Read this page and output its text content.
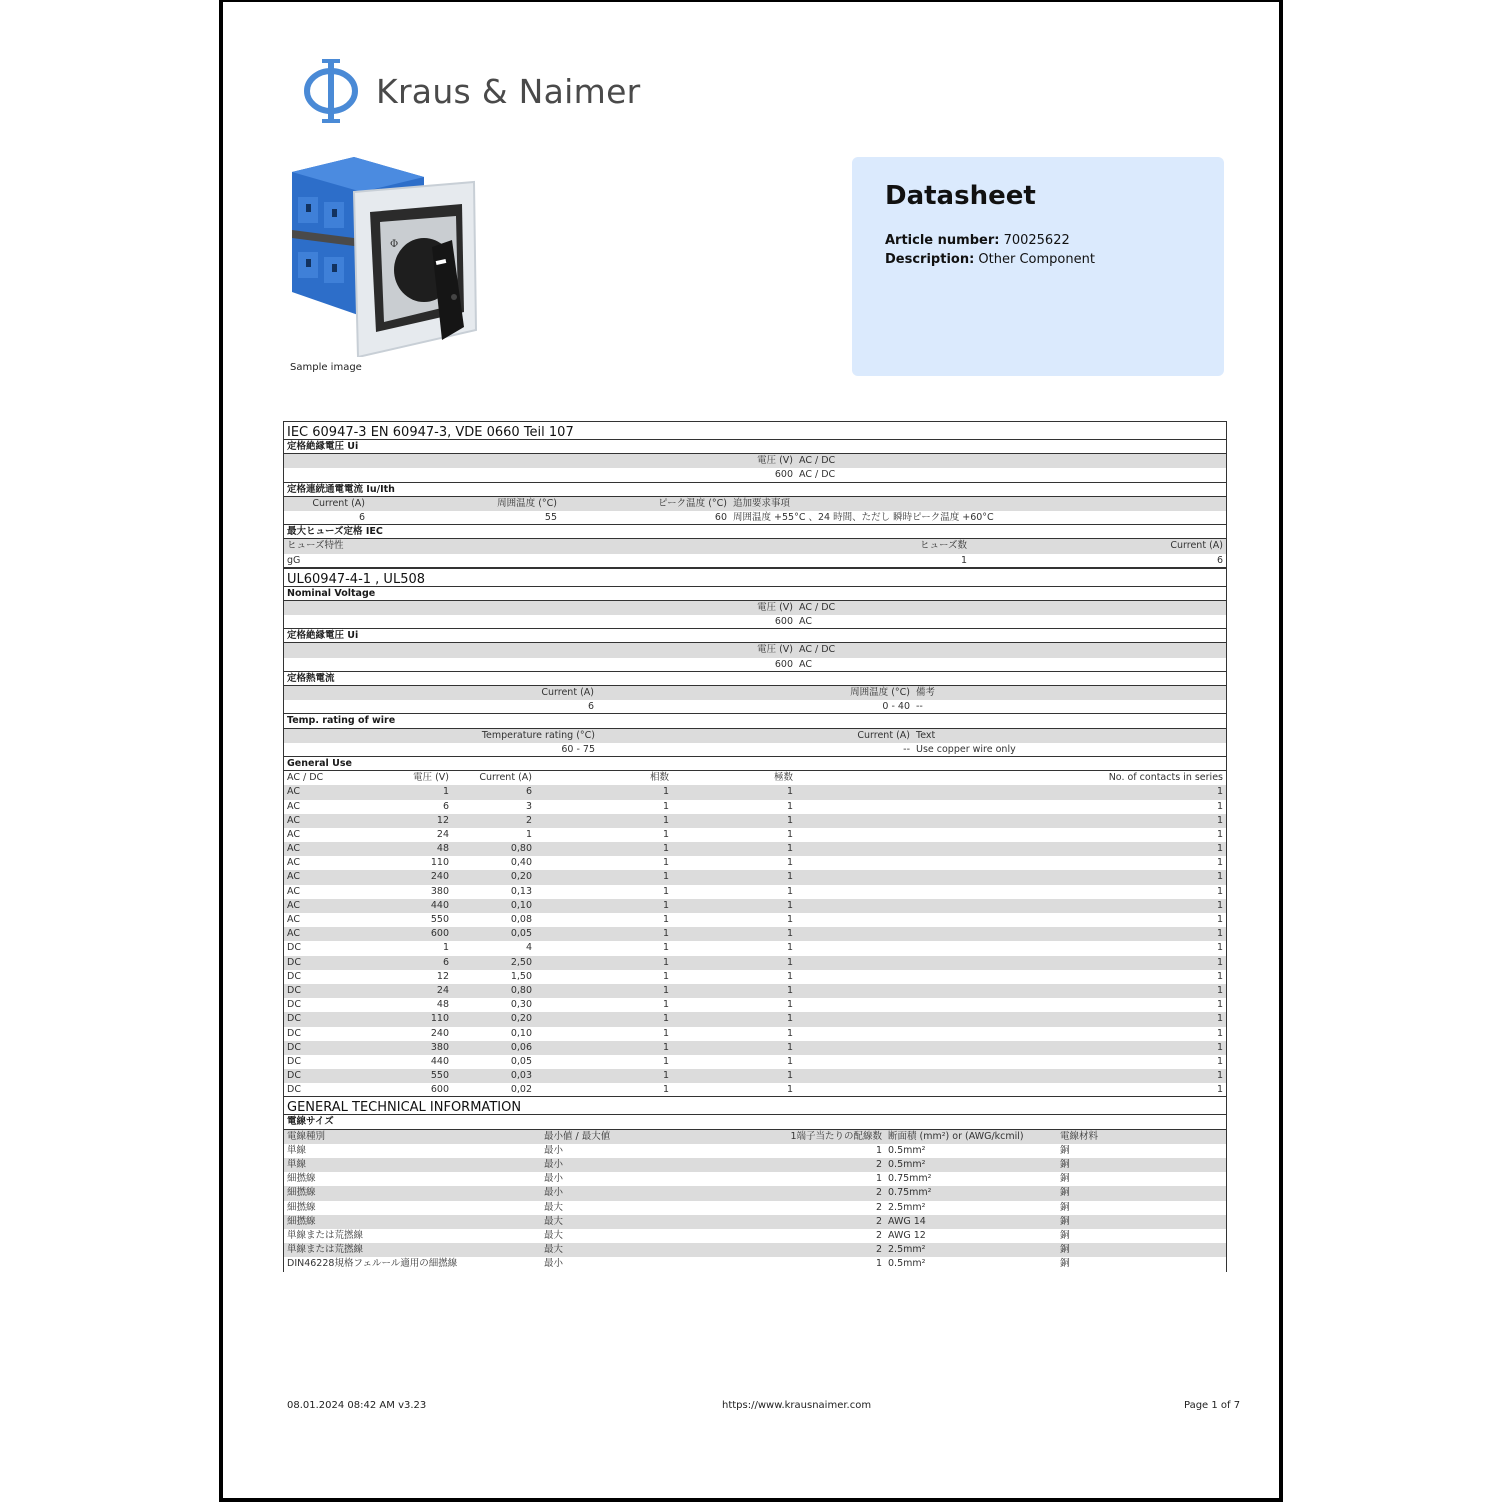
Kraus & Naimer
Φ
Sample image
Datasheet
Article number: 70025622
Description: Other Component
IEC 60947-3 EN 60947-3, VDE 0660 Teil 107
定格絶縁電圧 Ui
電圧 (V) AC / DC
600 AC / DC
定格連続通電電流 Iu/Ith
Current (A)	周囲温度 (°C)	ピーク温度 (°C) 追加要求事項
6	55	60 周囲温度 +55°C 、24 時間、ただし 瞬時ピーク温度 +60°C
最大ヒューズ定格 IEC
ヒューズ特性	ヒューズ数	Current (A)
gG	1	6
UL60947-4-1 , UL508
Nominal Voltage
電圧 (V) AC / DC
600 AC
定格絶縁電圧 Ui
電圧 (V) AC / DC
600 AC
定格熱電流
Current (A)	周囲温度 (°C) 備考
6	0 - 40 --
Temp. rating of wire
Temperature rating (°C)	Current (A) Text
60 - 75	-- Use copper wire only
General Use
AC / DC	電圧 (V)	Current (A)	相数	極数	No. of contacts in series
AC	1	6	1	1	1
AC	6	3	1	1	1
AC	12	2	1	1	1
AC	24	1	1	1	1
AC	48	0,80	1	1	1
AC	110	0,40	1	1	1
AC	240	0,20	1	1	1
AC	380	0,13	1	1	1
AC	440	0,10	1	1	1
AC	550	0,08	1	1	1
AC	600	0,05	1	1	1
DC	1	4	1	1	1
DC	6	2,50	1	1	1
DC	12	1,50	1	1	1
DC	24	0,80	1	1	1
DC	48	0,30	1	1	1
DC	110	0,20	1	1	1
DC	240	0,10	1	1	1
DC	380	0,06	1	1	1
DC	440	0,05	1	1	1
DC	550	0,03	1	1	1
DC	600	0,02	1	1	1
GENERAL TECHNICAL INFORMATION
電線サイズ
電線種別	最小値 / 最大値	1端子当たりの配線数 断面積 (mm²) or (AWG/kcmil)	電線材料
単線	最小	1 0.5mm²	銅
単線	最小	2 0.5mm²	銅
細撚線	最小	1 0.75mm²	銅
細撚線	最小	2 0.75mm²	銅
細撚線	最大	2 2.5mm²	銅
細撚線	最大	2 AWG 14	銅
単線または荒撚線	最大	2 AWG 12	銅
単線または荒撚線	最大	2 2.5mm²	銅
DIN46228規格フェルール適用の細撚線	最小	1 0.5mm²	銅
08.01.2024 08:42 AM v3.23	https://www.krausnaimer.com	Page 1 of 7
